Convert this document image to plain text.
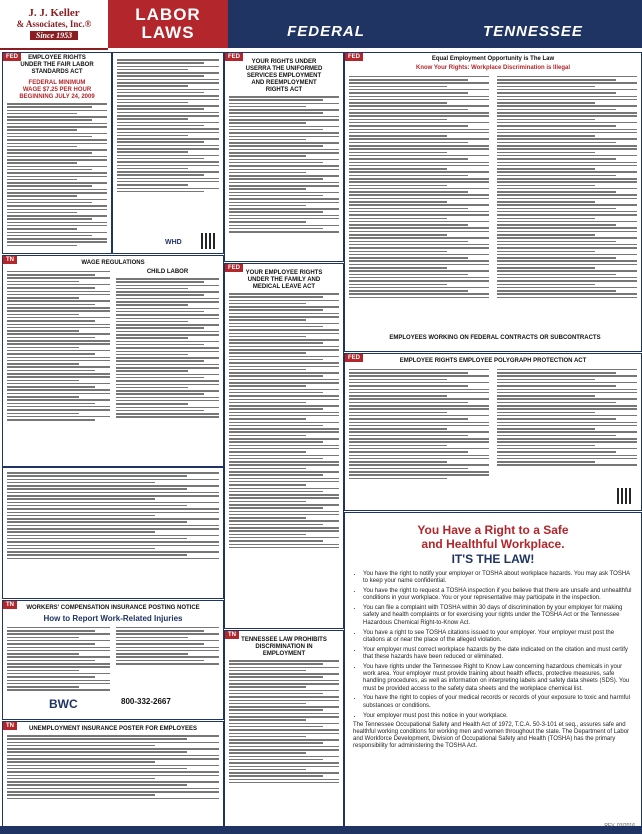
J. J. Keller
& Associates, Inc.®
Since 1953
LABOR
LAWS	FEDERAL	TENNESSEE
FED	EMPLOYEE RIGHTS UNDER THE FAIR LABOR STANDARDS ACT
FEDERAL MINIMUM WAGE $7.25 PER HOUR BEGINNING JULY 24, 2009
WHD
TN	WAGE REGULATIONS
CHILD LABOR
TN	WORKERS' COMPENSATION INSURANCE POSTING NOTICE
How to Report Work-Related Injuries
BWC	800-332-2667
TN	UNEMPLOYMENT INSURANCE POSTER FOR EMPLOYEES
FED
YOUR RIGHTS UNDER USERRA THE UNIFORMED SERVICES EMPLOYMENT AND REEMPLOYMENT RIGHTS ACT
FED
YOUR EMPLOYEE RIGHTS UNDER THE FAMILY AND MEDICAL LEAVE ACT
TN
TENNESSEE LAW PROHIBITS DISCRIMINATION IN EMPLOYMENT
FED	Equal Employment Opportunity is The Law
Know Your Rights: Workplace Discrimination is Illegal
EMPLOYEES WORKING ON FEDERAL CONTRACTS OR SUBCONTRACTS
FED	EMPLOYEE RIGHTS EMPLOYEE POLYGRAPH PROTECTION ACT
You Have a Right to a Safe
and Healthful Workplace.
IT'S THE LAW!
• You have the right to notify your employer or TOSHA about workplace hazards. You may ask TOSHA to keep your name confidential.
• You have the right to request a TOSHA inspection if you believe that there are unsafe and unhealthful conditions in your workplace. You or your representative may participate in the inspection.
• You can file a complaint with TOSHA within 30 days of discrimination by your employer for making safety and health complaints or for exercising your rights under the TOSHA Act or the Tennessee Hazardous Chemical Right-to-Know Act.
• You have a right to see TOSHA citations issued to your employer. Your employer must post the citations at or near the place of the alleged violation.
• Your employer must correct workplace hazards by the date indicated on the citation and must certify that these hazards have been reduced or eliminated.
• You have rights under the Tennessee Right to Know Law concerning hazardous chemicals in your work area. Your employer must provide training about health effects, protective measures, safe handling procedures, as well as information on interpreting labels and safety data sheets (SDS). You must be provided access to the safety data sheets and the workplace chemical list.
• You have the right to copies of your medical records or records of your exposure to toxic and harmful substances or conditions.
• Your employer must post this notice in your workplace.
The Tennessee Occupational Safety and Health Act of 1972, T.C.A. 50-3-101 et seq., assures safe and healthful working conditions for working men and women throughout the state. The Department of Labor and Workforce Development, Division of Occupational Safety and Health (TOSHA) has the primary responsibility for administering the TOSHA Act.
